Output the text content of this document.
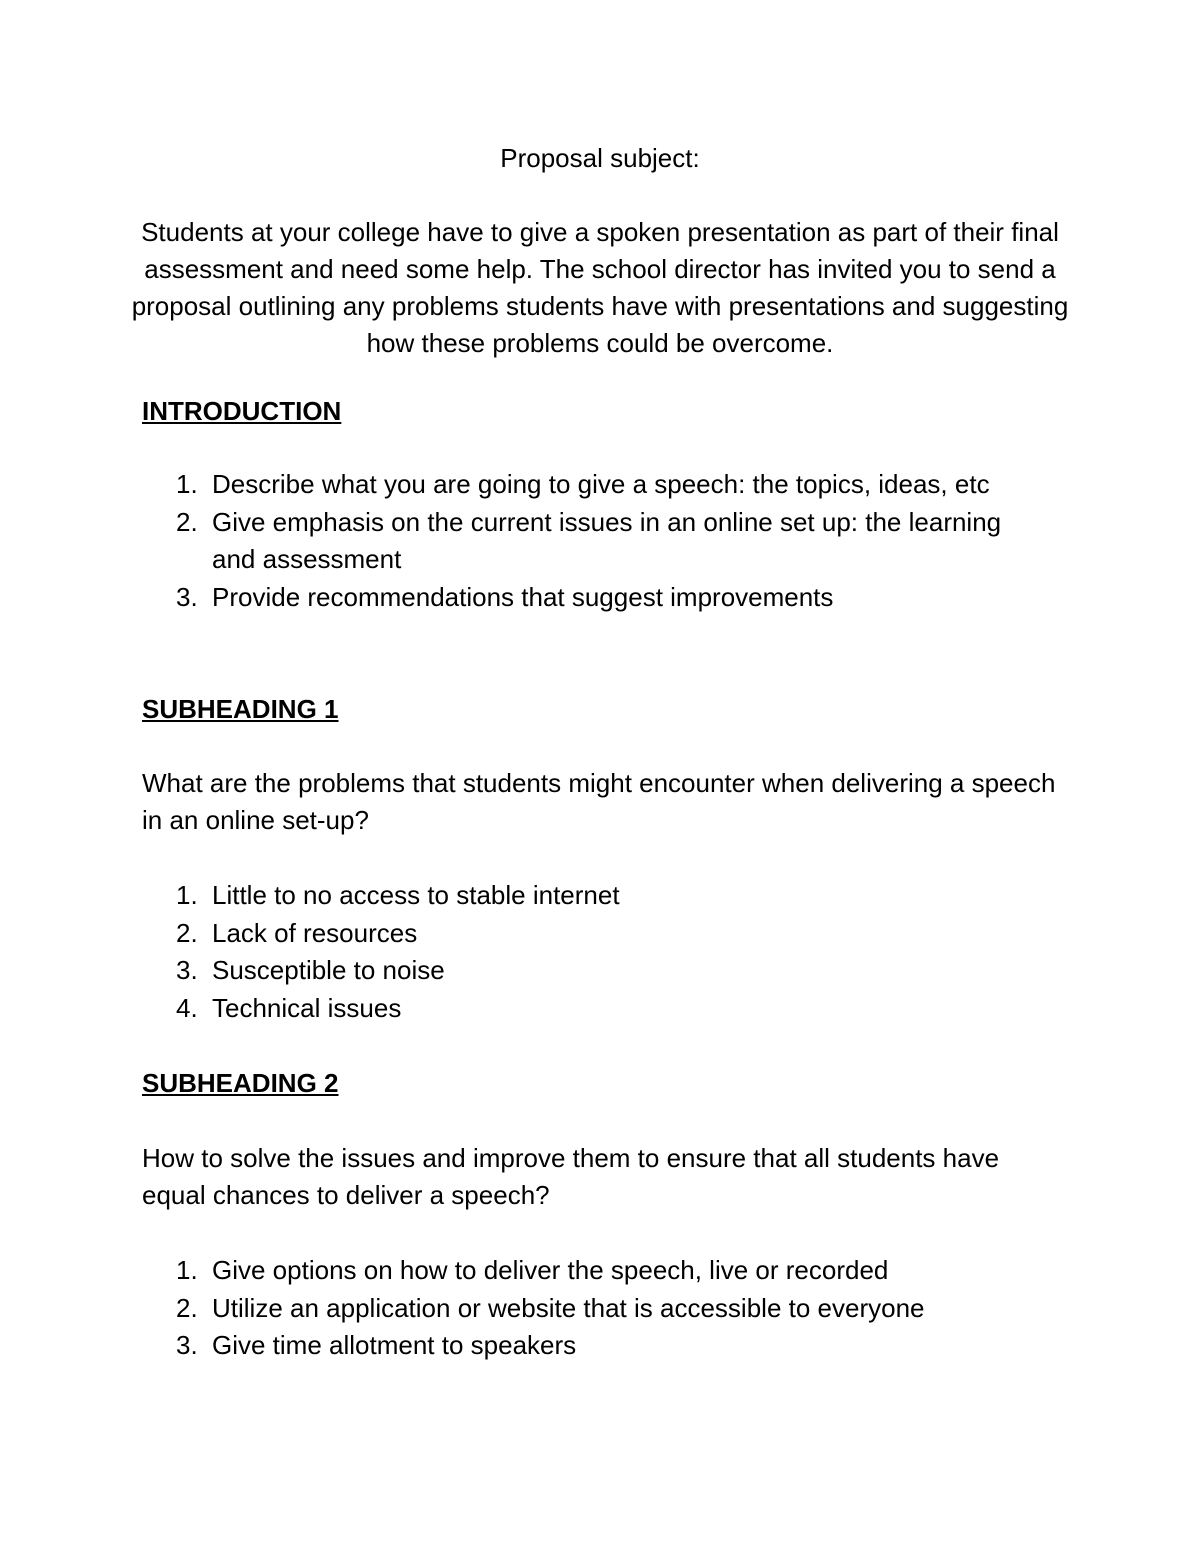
Proposal subject:

Students at your college have to give a spoken presentation as part of their final assessment and need some help. The school director has invited you to send a proposal outlining any problems students have with presentations and suggesting how these problems could be overcome.

INTRODUCTION

1. Describe what you are going to give a speech: the topics, ideas, etc
2. Give emphasis on the current issues in an online set up: the learning and assessment
3. Provide recommendations that suggest improvements

SUBHEADING 1

What are the problems that students might encounter when delivering a speech in an online set-up?

1. Little to no access to stable internet
2. Lack of resources
3. Susceptible to noise
4. Technical issues

SUBHEADING 2

How to solve the issues and improve them to ensure that all students have equal chances to deliver a speech?

1. Give options on how to deliver the speech, live or recorded
2. Utilize an application or website that is accessible to everyone
3. Give time allotment to speakers
